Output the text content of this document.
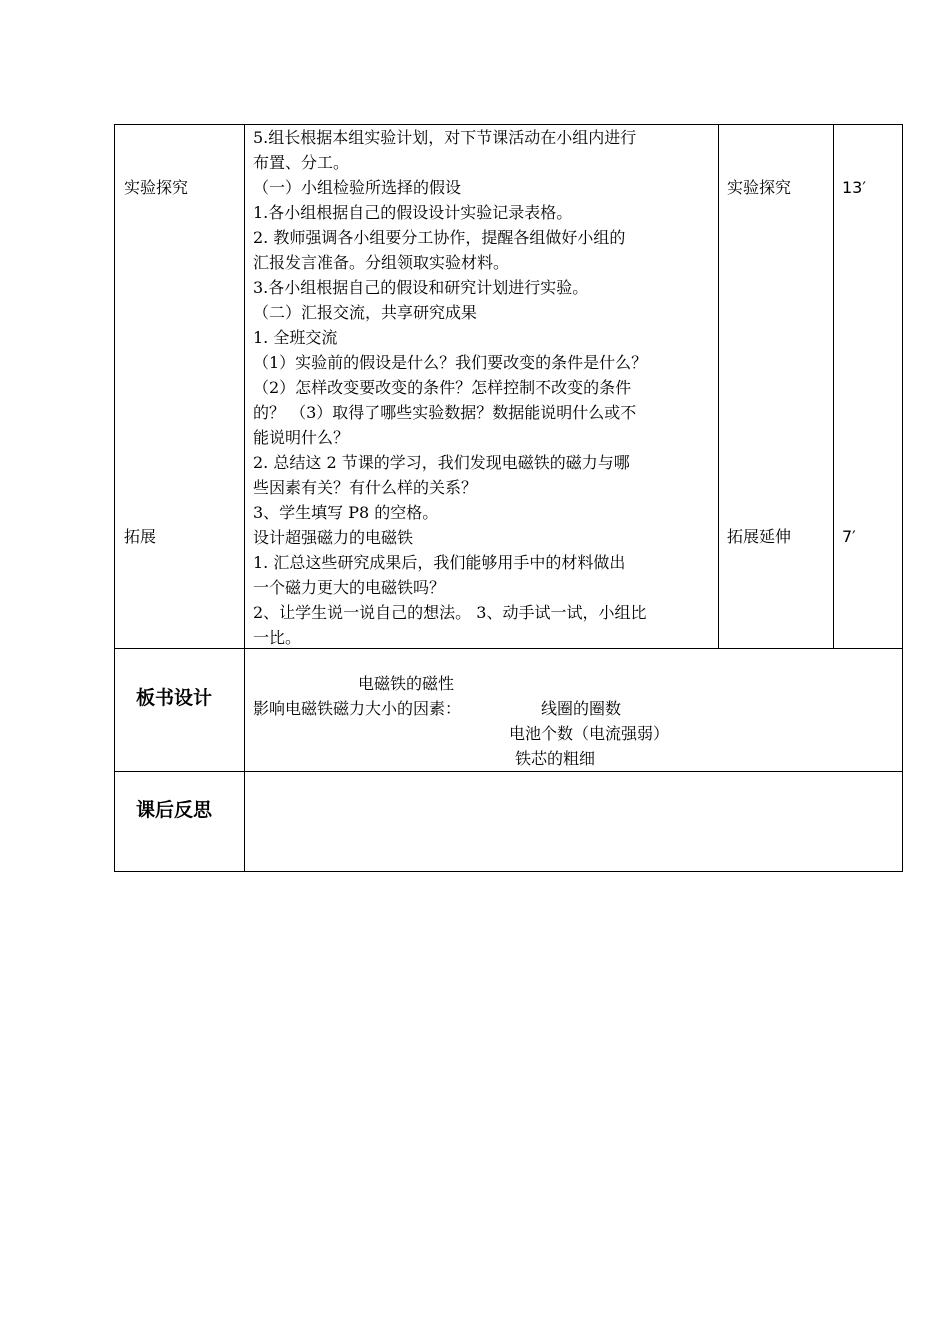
实验探究
拓展
5.组长根据本组实验计划，对下节课活动在小组内进行
布置、分工。
（一）小组检验所选择的假设
1.各小组根据自己的假设设计实验记录表格。
2. 教师强调各小组要分工协作，提醒各组做好小组的
汇报发言准备。分组领取实验材料。
3.各小组根据自己的假设和研究计划进行实验。
（二）汇报交流，共享研究成果
1. 全班交流
（1）实验前的假设是什么？我们要改变的条件是什么？
（2）怎样改变要改变的条件？怎样控制不改变的条件
的？ （3）取得了哪些实验数据？数据能说明什么或不
能说明什么？
2. 总结这 2 节课的学习，我们发现电磁铁的磁力与哪
些因素有关？有什么样的关系？
3、学生填写 P8 的空格。
设计超强磁力的电磁铁
1. 汇总这些研究成果后，我们能够用手中的材料做出
一个磁力更大的电磁铁吗？
2、让学生说一说自己的想法。 3、动手试一试，小组比
一比。
实验探究
拓展延伸
13′
7′
板书设计
电磁铁的磁性
影响电磁铁磁力大小的因素：	线圈的圈数
电池个数（电流强弱）
铁芯的粗细
课后反思
